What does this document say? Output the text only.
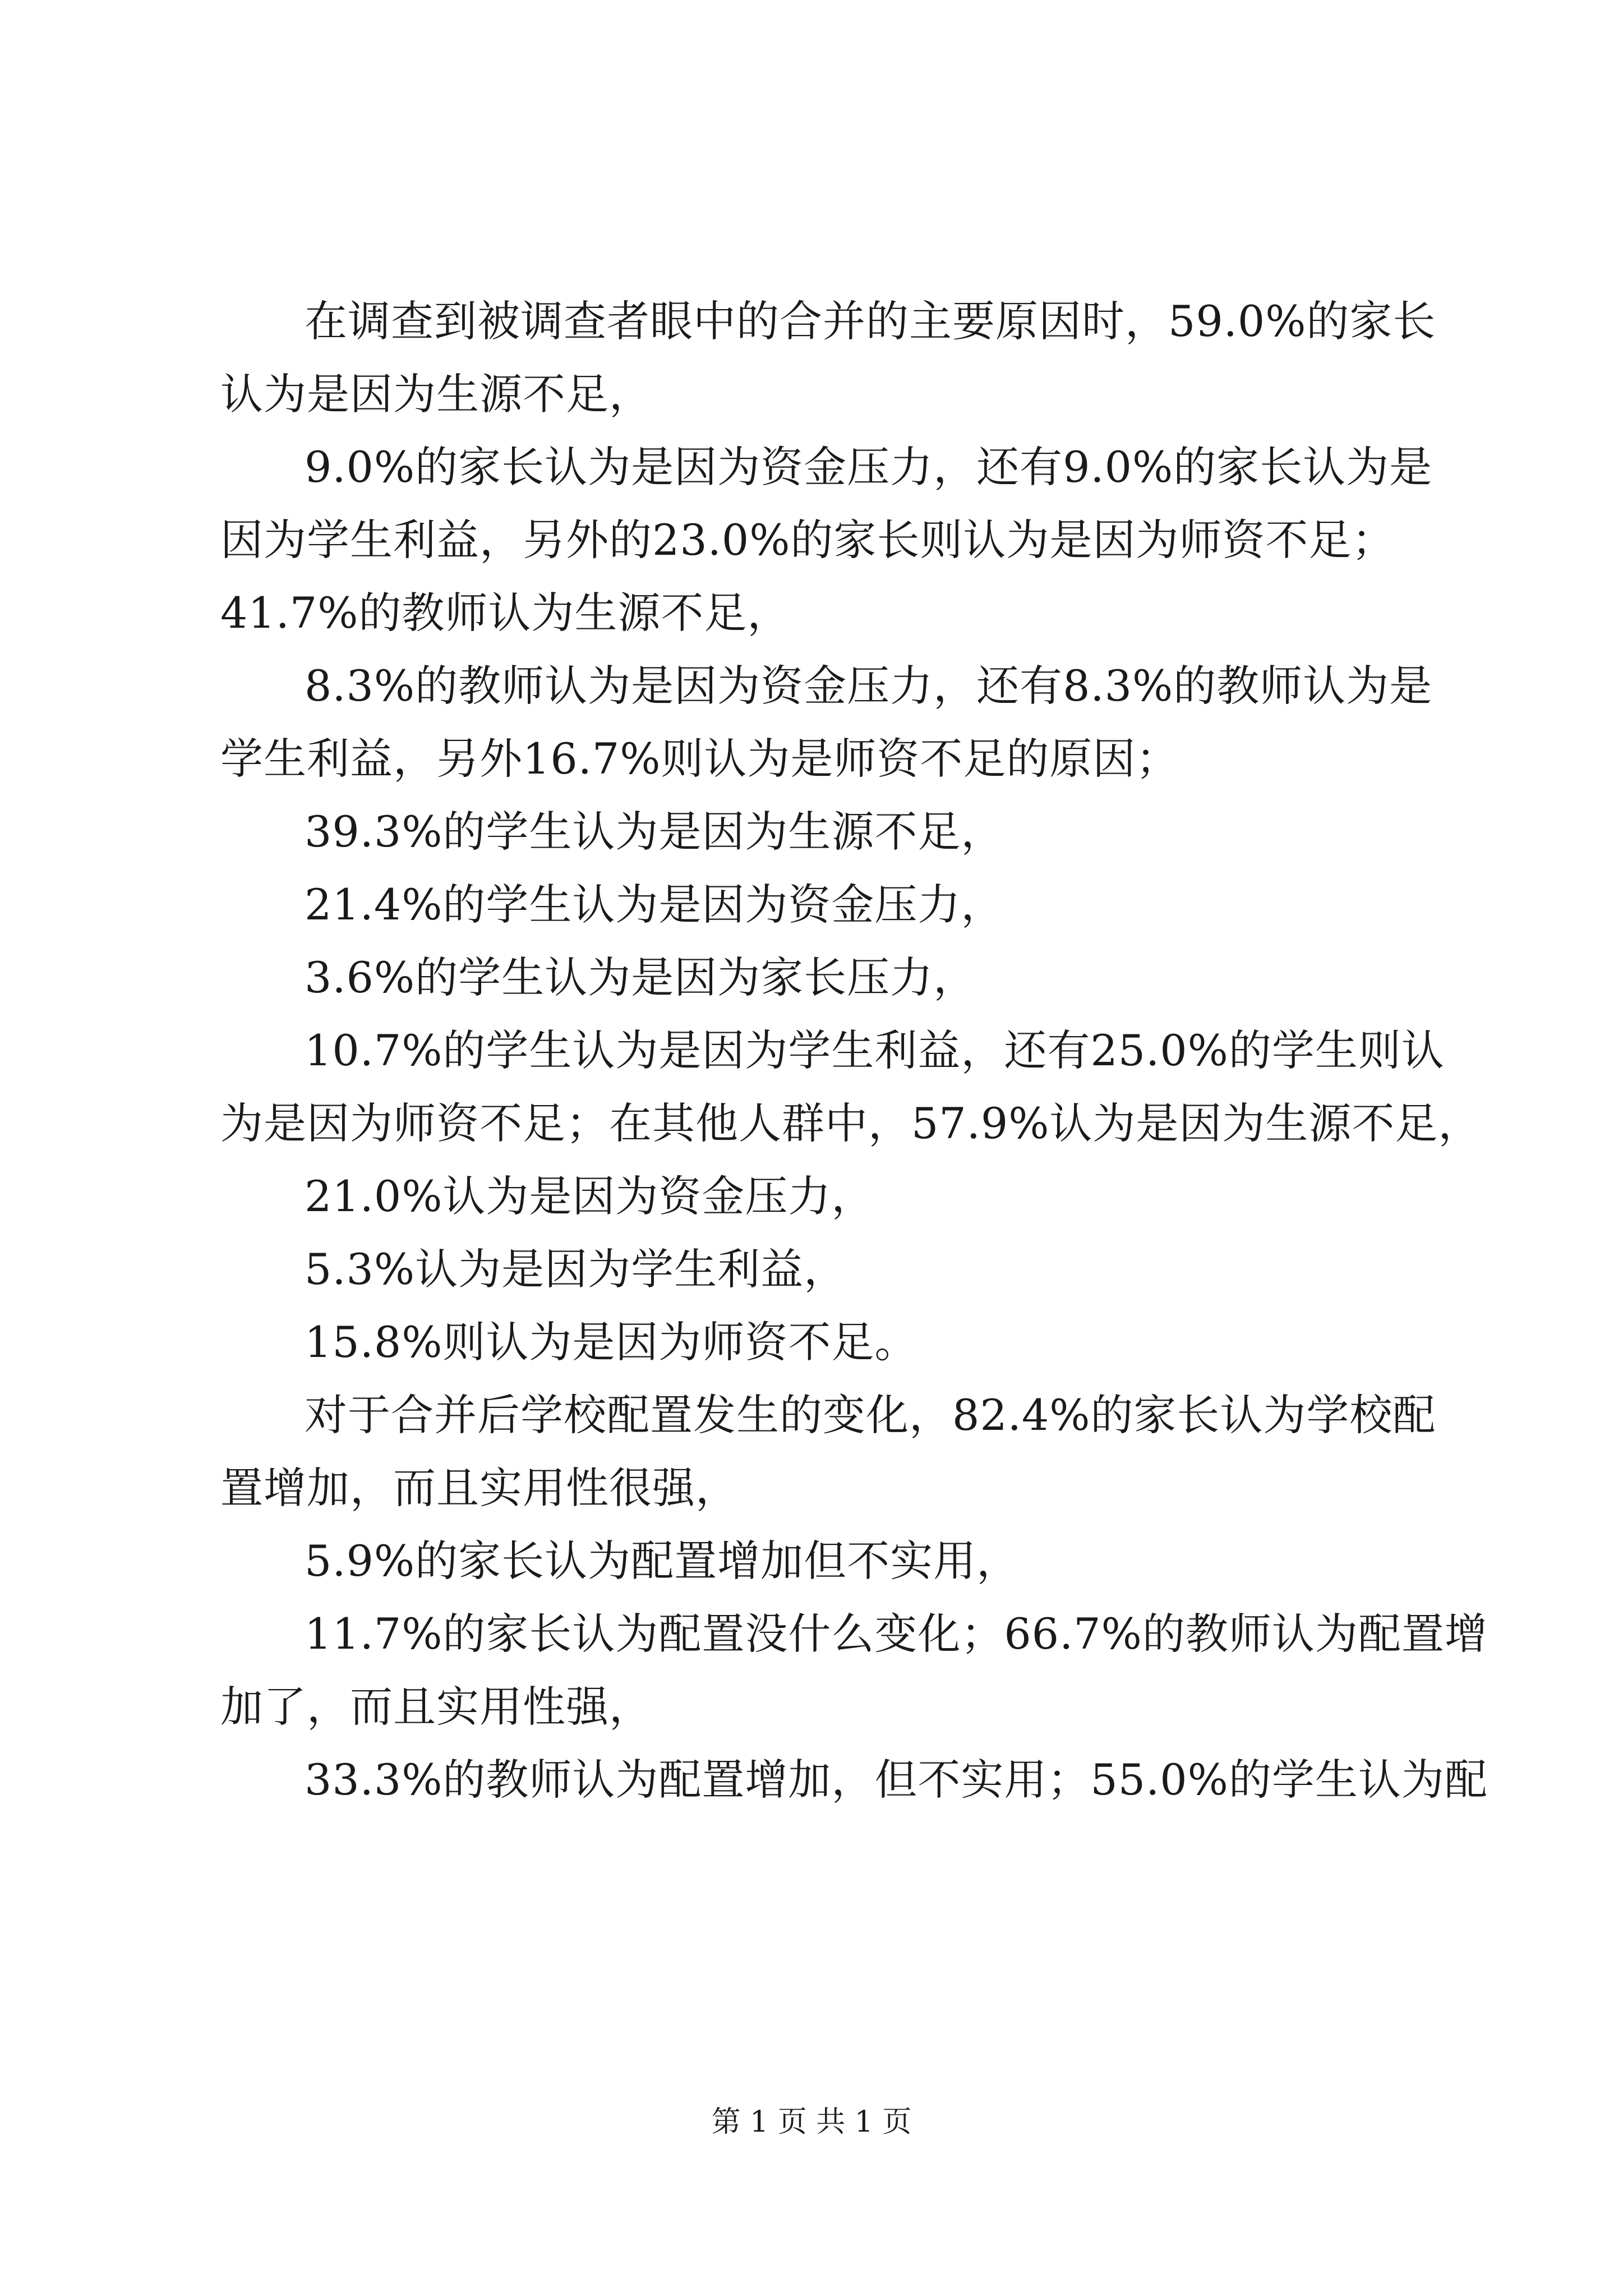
在调查到被调查者眼中的合并的主要原因时，59.0%的家长
认为是因为生源不足，
9.0%的家长认为是因为资金压力，还有9.0%的家长认为是
因为学生利益，另外的23.0%的家长则认为是因为师资不足；
41.7%的教师认为生源不足，
8.3%的教师认为是因为资金压力，还有8.3%的教师认为是
学生利益，另外16.7%则认为是师资不足的原因；
39.3%的学生认为是因为生源不足，
21.4%的学生认为是因为资金压力，
3.6%的学生认为是因为家长压力，
10.7%的学生认为是因为学生利益，还有25.0%的学生则认
为是因为师资不足；在其他人群中，57.9%认为是因为生源不足，
21.0%认为是因为资金压力，
5.3%认为是因为学生利益，
15.8%则认为是因为师资不足。
对于合并后学校配置发生的变化，82.4%的家长认为学校配
置增加，而且实用性很强，
5.9%的家长认为配置增加但不实用，
11.7%的家长认为配置没什么变化；66.7%的教师认为配置增
加了，而且实用性强，
33.3%的教师认为配置增加，但不实用；55.0%的学生认为配
第 1 页 共 1 页
